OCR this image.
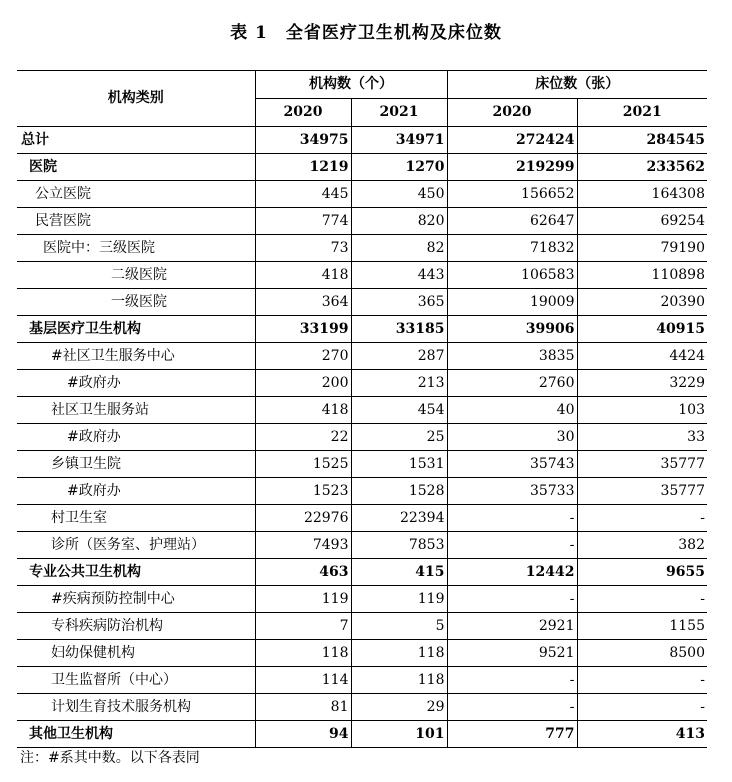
表 1 全省医疗卫生机构及床位数
机构类别	机构数（个）		床位数（张）	
	2020	2021	2020	2021
总计	34975	34971	272424	284545
医院	1219	1270	219299	233562
公立医院	445	450	156652	164308
民营医院	774	820	62647	69254
医院中：三级医院	73	82	71832	79190
二级医院	418	443	106583	110898
一级医院	364	365	19009	20390
基层医疗卫生机构	33199	33185	39906	40915
#社区卫生服务中心	270	287	3835	4424
#政府办	200	213	2760	3229
社区卫生服务站	418	454	40	103
#政府办	22	25	30	33
乡镇卫生院	1525	1531	35743	35777
#政府办	1523	1528	35733	35777
村卫生室	22976	22394	-	-
诊所（医务室、护理站）	7493	7853	-	382
专业公共卫生机构	463	415	12442	9655
#疾病预防控制中心	119	119	-	-
专科疾病防治机构	7	5	2921	1155
妇幼保健机构	118	118	9521	8500
卫生监督所（中心）	114	118	-	-
计划生育技术服务机构	81	29	-	-
其他卫生机构	94	101	777	413
注：#系其中数。以下各表同
